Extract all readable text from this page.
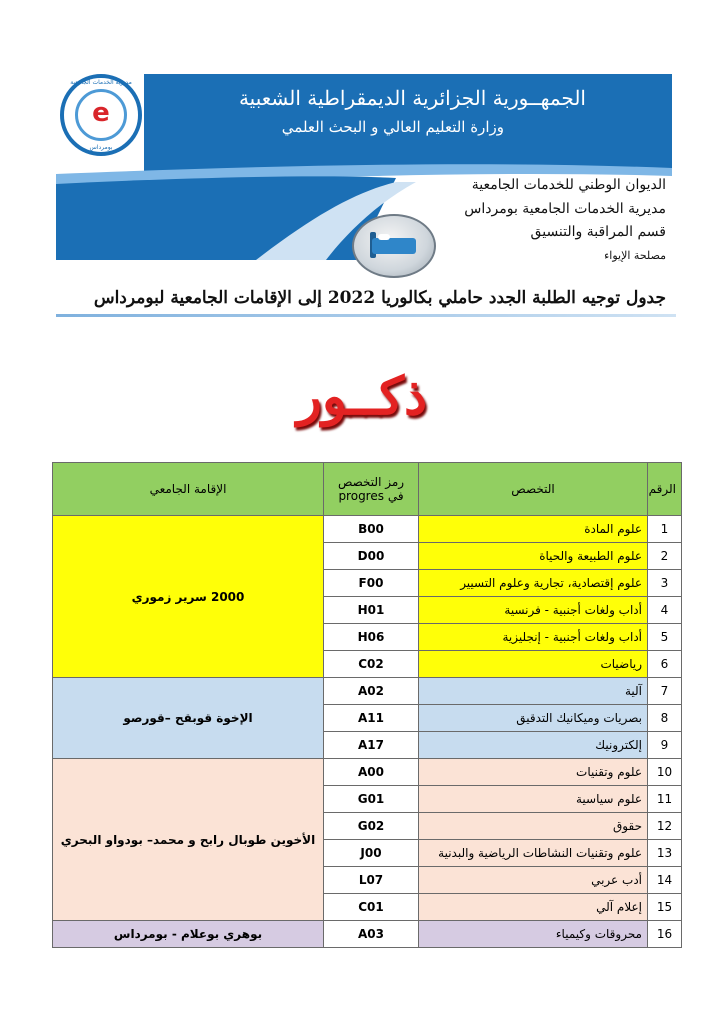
مديرية الخدمات الجامعية
e
بومرداس
الجمهــورية الجزائرية الديمقراطية الشعبية
وزارة التعليم العالي و البحث العلمي
الديوان الوطني للخدمات الجامعية
مديرية الخدمات الجامعية بومرداس
قسم المراقبة والتنسيق
مصلحة الإيواء
جدول توجيه الطلبة الجدد حاملي بكالوريا 2022 إلى الإقامات الجامعية لبومرداس
ذكــور
الرقم	التخصص	رمز التخصص في progres	الإقامة الجامعي
1	علوم المادة	B00	2000 سرير زموري
2	علوم الطبيعة والحياة	D00	
3	علوم إقتصادية، تجارية وعلوم التسيير	F00	
4	أداب ولغات أجنبية - فرنسية	H01	
5	أداب ولغات أجنبية - إنجليزية	H06	
6	رياضيات	C02	
7	آلية	A02	الإخوة قوبقح –قورصو
8	بصريات وميكانيك التدقيق	A11	
9	إلكترونيك	A17	
10	علوم وتقنيات	A00	الأخوين طوبال رابح و محمد– بودواو البحري
11	علوم سياسية	G01	
12	حقوق	G02	
13	علوم وتقنيات النشاطات الرياضية والبدنية	J00	
14	أدب عربي	L07	
15	إعلام آلي	C01	
16	محروقات وكيمياء	A03	بوهري بوعلام - بومرداس
